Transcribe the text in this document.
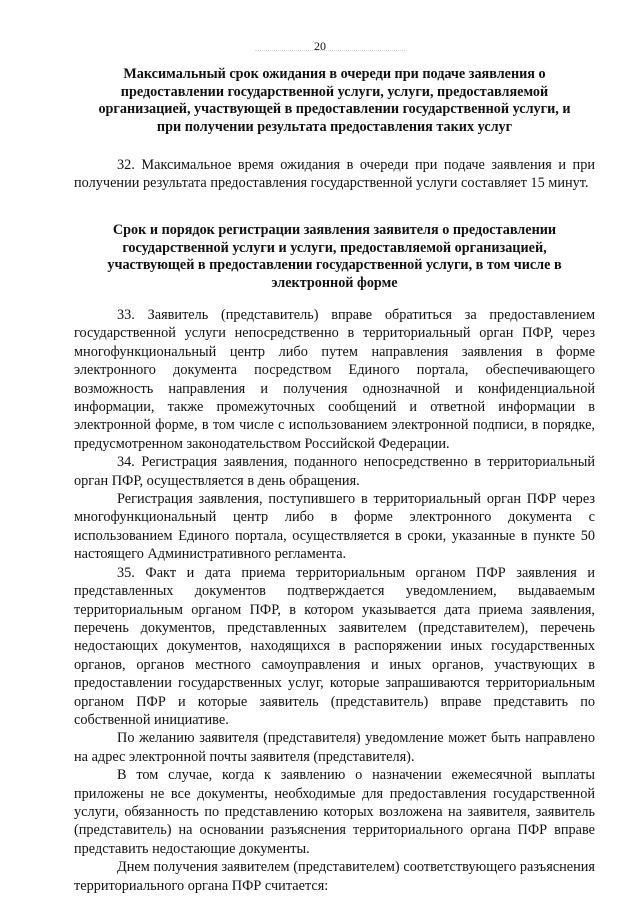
20
Максимальный срок ожидания в очереди при подаче заявления о предоставлении государственной услуги, услуги, предоставляемой организацией, участвующей в предоставлении государственной услуги, и при получении результата предоставления таких услуг

32. Максимальное время ожидания в очереди при подаче заявления и при получении результата предоставления государственной услуги составляет 15 минут.

Срок и порядок регистрации заявления заявителя о предоставлении государственной услуги и услуги, предоставляемой организацией, участвующей в предоставлении государственной услуги, в том числе в электронной форме

33. Заявитель (представитель) вправе обратиться за предоставлением государственной услуги непосредственно в территориальный орган ПФР, через многофункциональный центр либо путем направления заявления в форме электронного документа посредством Единого портала, обеспечивающего возможность направления и получения однозначной и конфиденциальной информации, также промежуточных сообщений и ответной информации в электронной форме, в том числе с использованием электронной подписи, в порядке, предусмотренном законодательством Российской Федерации.

34. Регистрация заявления, поданного непосредственно в территориальный орган ПФР, осуществляется в день обращения.

Регистрация заявления, поступившего в территориальный орган ПФР через многофункциональный центр либо в форме электронного документа с использованием Единого портала, осуществляется в сроки, указанные в пункте 50 настоящего Административного регламента.

35. Факт и дата приема территориальным органом ПФР заявления и представленных документов подтверждается уведомлением, выдаваемым территориальным органом ПФР, в котором указывается дата приема заявления, перечень документов, представленных заявителем (представителем), перечень недостающих документов, находящихся в распоряжении иных государственных органов, органов местного самоуправления и иных органов, участвующих в предоставлении государственных услуг, которые запрашиваются территориальным органом ПФР и которые заявитель (представитель) вправе представить по собственной инициативе.

По желанию заявителя (представителя) уведомление может быть направлено на адрес электронной почты заявителя (представителя).

В том случае, когда к заявлению о назначении ежемесячной выплаты приложены не все документы, необходимые для предоставления государственной услуги, обязанность по представлению которых возложена на заявителя, заявитель (представитель) на основании разъяснения территориального органа ПФР вправе представить недостающие документы.

Днем получения заявителем (представителем) соответствующего разъяснения территориального органа ПФР считается:
